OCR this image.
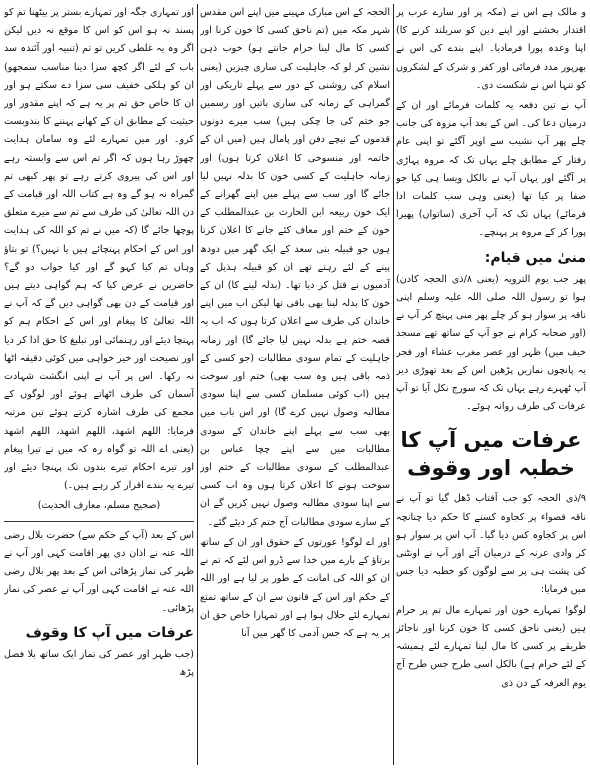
و مالک ہے اس نے (مکہ پر اور سارے عرب پر اقتدار بخشنے اور اپنے دین کو سربلند کرنے کا) اپنا وعدہ پورا فرمادیا۔ اپنے بندے کی اس نے بھرپور مدد فرمائی اور کفر و شرک کے لشکروں کو تنہا اس نے شکست دی۔

آپ نے تین دفعہ یہ کلمات فرمائے اور ان کے درمیان دعا کی۔ اس کے بعد آپ مروہ کی جانب چلے پھر آپ نشیب سے اوپر آگئے تو اپنی عام رفتار کے مطابق چلے یہاں تک کہ مروہ پہاڑی پر آگئے اور یہاں آپ نے بالکل ویسا ہی کیا جو صفا پر کیا تھا (یعنی وہی سب کلمات ادا فرمائے) یہاں تک کہ آپ آخری (ساتواں) پھیرا پورا کر کے مروہ پر پہنچے۔

منیٰ میں قیام:

پھر جب یوم الترویہ (یعنی ۸/ذی الحجہ کادن) ہوا تو رسول اللہ صلی اللہ علیہ وسلم اپنی ناقہ پر سوار ہو کر چلے پھر منی پہنچ کر آپ نے (اور صحابہ کرام نے جو آپ کے ساتھ تھے مسجد خیف میں) ظہر اور عصر مغرب عشاء اور فجر یہ پانچوں نمازیں پڑھیں اس کے بعد تھوڑی دیر آپ ٹھہرے رہے یہاں تک کہ سورج نکل آیا تو آپ عرفات کی طرف روانہ ہوئے۔

عرفات میں آپ کا خطبہ اور وقوف

۹/ذی الحجہ کو جب آفتاب ڈھل گیا تو آپ نے ناقہ قصواء پر کجاوہ کسنے کا حکم دیا چنانچہ اس پر کجاوہ کس دیا گیا۔ آپ اس پر سوار ہو کر وادی عرنہ کے درمیان آئے اور آپ نے اونٹنی کی پشت ہی پر سے لوگوں کو خطبہ دیا جس میں فرمایا:

لوگو! تمہارے خون اور تمہارے مال تم پر حرام ہیں (یعنی ناحق کسی کا خون کرنا اور ناجائز طریقے پر کسی کا مال لینا تمہارے لئے ہمیشہ کے لئے حرام ہے) بالکل اسی طرح جس طرح آج یوم العرفہ کے دن ذی

الحجہ کے اس مبارک مہینے میں اپنے اس مقدس شہر مکہ میں (تم ناحق کسی کا خون کرنا اور کسی کا مال لینا حرام جانتے ہو) خوب ذہن نشین کر لو کہ جاہلیت کی ساری چیزیں (یعنی اسلام کی روشنی کے دور سے پہلے تاریکی اور گمراہی کے زمانہ کی ساری باتیں اور رسمیں جو ختم کی جا چکی ہیں) سب میرے دونوں قدموں کے نیچے دفن اور پامال ہیں (میں ان کے خاتمہ اور منسوخی کا اعلان کرتا ہوں) اور زمانہ جاہلیت کے کسی خون کا بدلہ نہیں لیا جائے گا اور سب سے پہلے میں اپنے گھرانے کے ایک خون ربیعہ ابن الحارث بن عبدالمطلب کے خون کے ختم اور معاف کئے جانے کا اعلان کرتا ہوں جو قبیلہ بنی سعد کے ایک گھر میں دودھ پینے کے لئے رہتے تھے ان کو قبیلہ ہذیل کے آدمیوں نے قتل کر دیا تھا۔ (بدلہ لینے کا) ان کے خون کا بدلہ لینا بھی باقی تھا لیکن اب میں اپنے خاندان کی طرف سے اعلان کرتا ہوں کہ اب یہ قصہ ختم ہے بدلہ نہیں لیا جائے گا) اور زمانہ جاہلیت کے تمام سودی مطالبات (جو کسی کے ذمہ باقی ہیں وہ سب بھی) ختم اور سوخت ہیں (اب کوئی مسلمان کسی سے اپنا سودی مطالبہ وصول نہیں کرے گا) اور اس باب میں بھی سب سے پہلے اپنے خاندان کے سودی مطالبات میں سے اپنے چچا عباس بن عبدالمطلب کے سودی مطالبات کے ختم اور سوخت ہونے کا اعلان کرتا ہوں وہ اب کسی سے اپنا سودی مطالبہ وصول نہیں کریں گے ان کے سارے سودی مطالبات آج ختم کر دیئے گئے۔

اور اے لوگو! عورتوں کے حقوق اور ان کے ساتھ برتاؤ کے بارے میں خدا سے ڈرو اس لئے کہ تم نے ان کو اللہ کی امانت کے طور پر لیا ہے اور اللہ کے حکم اور اس کے قانون سے ان کے ساتھ تمتع تمہارے لئے حلال ہوا ہے اور تمہارا خاص حق ان پر یہ ہے کہ جس آدمی کا گھر میں آنا

اور تمہاری جگہ اور تمہارے بستر پر بیٹھنا تم کو پسند نہ ہو اس کو اس کا موقع نہ دیں لیکن اگر وہ یہ غلطی کریں تو تم (تنبیہ اور آئندہ سد باب کے لئے اگر کچھ سزا دینا مناسب سمجھو) ان کو ہلکی خفیف سی سزا دے سکتے ہو اور ان کا خاص حق تم پر یہ ہے کہ اپنے مقدور اور حیثیت کے مطابق ان کے کھانے پہننے کا بندوبست کرو۔ اور میں تمہارے لئے وہ سامان ہدایت چھوڑ رہا ہوں کہ اگر تم اس سے وابستہ رہے اور اس کی پیروی کرتے رہے تو پھر کبھی تم گمراہ نہ ہو گے وہ ہے کتاب اللہ اور قیامت کے دن اللہ تعالیٰ کی طرف سے تم سے میرے متعلق پوچھا جائے گا (کہ میں نے تم کو اللہ کی ہدایت اور اس کے احکام پہنچائے ہیں یا نہیں؟) تو بتاؤ وہاں تم کیا کہو گے اور کیا جواب دو گے؟ حاضرین نے عرض کیا کہ ہم گواہی دیتے ہیں اور قیامت کے دن بھی گواہی دیں گے کہ آپ نے اللہ تعالیٰ کا پیغام اور اس کے احکام ہم کو پہنچا دیئے اور رہنمائی اور تبلیغ کا حق ادا کر دیا اور نصیحت اور خیر خواہی میں کوئی دقیقہ اٹھا نہ رکھا۔ اس پر آپ نے اپنی انگشت شہادت آسمان کی طرف اٹھاتے ہوئے اور لوگوں کے مجمع کی طرف اشارہ کرتے ہوئے تین مرتبہ فرمایا: اللھم اشھد، اللھم اشھد، اللھم اشھد (یعنی اے اللہ تو گواہ رہ کہ میں نے تیرا پیغام اور تیرے احکام تیرے بندوں تک پہنچا دیئے اور تیرے یہ بندے اقرار کر رہے ہیں۔)

(صحیح مسلم، معارف الحدیث)

اس کے بعد (آپ کے حکم سے) حضرت بلال رضی اللہ عنہ نے اذان دی پھر اقامت کہی اور آپ نے ظہر کی نماز پڑھائی اس کے بعد پھر بلال رضی اللہ عنہ نے اقامت کہی اور آپ نے عصر کی نماز پڑھائی۔

عرفات میں آپ کا وقوف

(جب ظہر اور عصر کی نماز ایک ساتھ بلا فصل پڑھ
